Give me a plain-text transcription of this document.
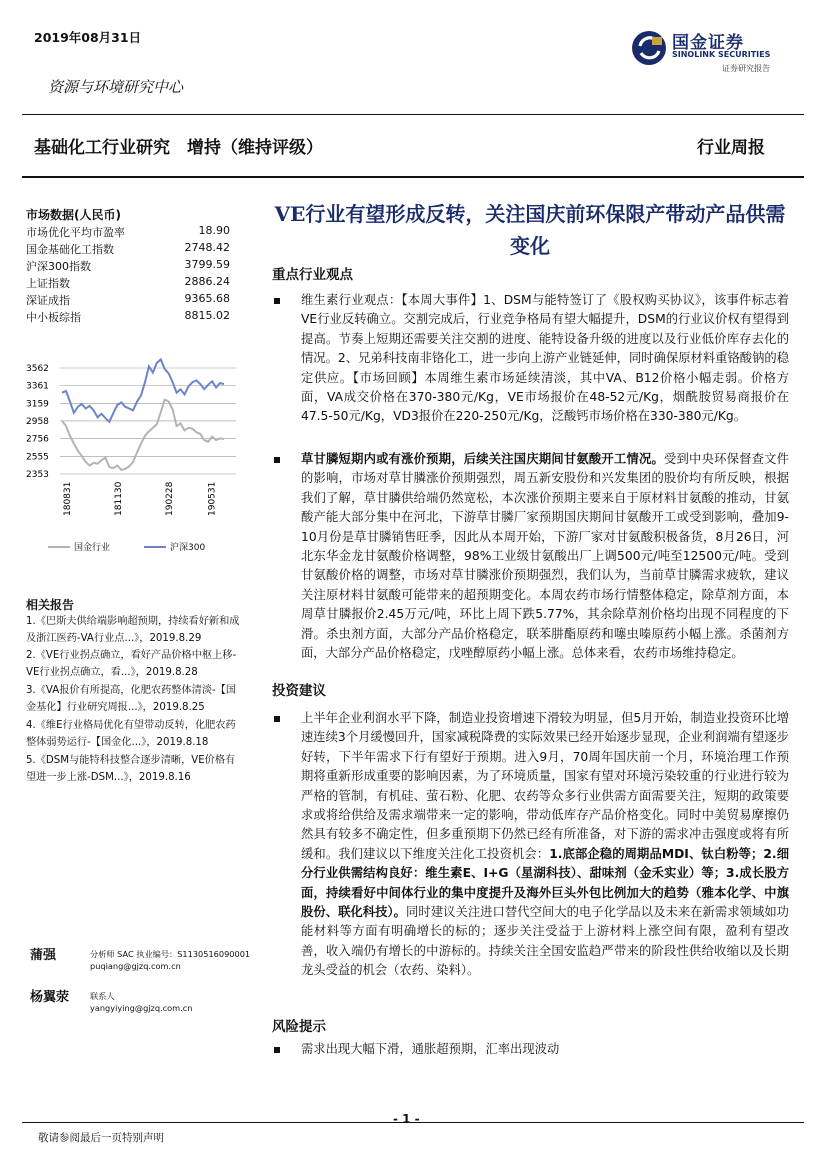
2019年08月31日
资源与环境研究中心
国金证券
SINOLINK SECURITIES
证券研究报告
基础化工行业研究　增持（维持评级）	行业周报
市场数据(人民币)
市场优化平均市盈率	18.90
国金基础化工指数	2748.42
沪深300指数	3799.59
上证指数	2886.24
深证成指	9365.68
中小板综指	8815.02
3562
3361
3159
2958
2756
2555
2353
180831	181130	190228	190531
国金行业	沪深300
相关报告
1.《巴斯夫供给端影响超预期，持续看好新和成及浙江医药-VA行业点...》，2019.8.29
2.《VE行业拐点确立，看好产品价格中枢上移-VE行业拐点确立，看...》，2019.8.28
3.《VA报价有所提高，化肥农药整体清淡-【国金基化】行业研究周报...》，2019.8.25
4.《维E行业格局优化有望带动反转，化肥农药整体弱势运行-【国金化...》，2019.8.18
5.《DSM与能特科技整合逐步清晰，VE价格有望进一步上涨-DSM...》，2019.8.16
蒲强	分析师 SAC 执业编号：S1130516090001
puqiang@gjzq.com.cn
杨翼荥	联系人
yangyiying@gjzq.com.cn
VE行业有望形成反转，关注国庆前环保限产带动产品供需变化
重点行业观点
维生素行业观点：【本周大事件】1、DSM与能特签订了《股权购买协议》，该事件标志着VE行业反转确立。交割完成后，行业竞争格局有望大幅提升，DSM的行业议价权有望得到提高。节奏上短期还需要关注交割的进度、能特设备升级的进度以及行业低价库存去化的情况。2、兄弟科技南非铬化工，进一步向上游产业链延伸，同时确保原材料重铬酸钠的稳定供应。【市场回顾】本周维生素市场延续清淡，其中VA、B12价格小幅走弱。价格方面，VA成交价格在370-380元/Kg，VE市场报价在48-52元/Kg，烟酰胺贸易商报价在47.5-50元/Kg，VD3报价在220-250元/Kg，泛酸钙市场价格在330-380元/Kg。
草甘膦短期内或有涨价预期，后续关注国庆期间甘氨酸开工情况。受到中央环保督查文件的影响，市场对草甘膦涨价预期强烈，周五新安股份和兴发集团的股价均有所反映，根据我们了解，草甘膦供给端仍然宽松，本次涨价预期主要来自于原材料甘氨酸的推动，甘氨酸产能大部分集中在河北，下游草甘膦厂家预期国庆期间甘氨酸开工或受到影响，叠加9-10月份是草甘膦销售旺季，因此从本周开始，下游厂家对甘氨酸积极备货，8月26日，河北东华金龙甘氨酸价格调整，98%工业级甘氨酸出厂上调500元/吨至12500元/吨。受到甘氨酸价格的调整，市场对草甘膦涨价预期强烈，我们认为，当前草甘膦需求疲软，建议关注原材料甘氨酸可能带来的超预期变化。本周农药市场行情整体稳定，除草剂方面，本周草甘膦报价2.45万元/吨，环比上周下跌5.77%，其余除草剂价格均出现不同程度的下滑。杀虫剂方面，大部分产品价格稳定，联苯肼酯原药和噻虫嗪原药小幅上涨。杀菌剂方面，大部分产品价格稳定，戊唑醇原药小幅上涨。总体来看，农药市场维持稳定。
投资建议
上半年企业利润水平下降，制造业投资增速下滑较为明显，但5月开始，制造业投资环比增速连续3个月缓慢回升，国家减税降费的实际效果已经开始逐步显现，企业利润端有望逐步好转，下半年需求下行有望好于预期。进入9月，70周年国庆前一个月，环境治理工作预期将重新形成重要的影响因素，为了环境质量，国家有望对环境污染较重的行业进行较为严格的管制，有机硅、萤石粉、化肥、农药等众多行业供需方面需要关注，短期的政策要求或将给供给及需求端带来一定的影响，带动低库存产品价格变化。同时中美贸易摩擦仍然具有较多不确定性，但多重预期下仍然已经有所准备，对下游的需求冲击强度或将有所缓和。我们建议以下维度关注化工投资机会：1.底部企稳的周期品MDI、钛白粉等；2.细分行业供需结构良好：维生素E、I+G（星湖科技）、甜味剂（金禾实业）等；3.成长股方面，持续看好中间体行业的集中度提升及海外巨头外包比例加大的趋势（雅本化学、中旗股份、联化科技）。同时建议关注进口替代空间大的电子化学品以及未来在新需求领域如功能材料等方面有明确增长的标的；逐步关注受益于上游材料上涨空间有限，盈利有望改善，收入端仍有增长的中游标的。持续关注全国安监趋严带来的阶段性供给收缩以及长期龙头受益的机会（农药、染料）。
风险提示
需求出现大幅下滑，通胀超预期，汇率出现波动
- 1 -
敬请参阅最后一页特别声明
